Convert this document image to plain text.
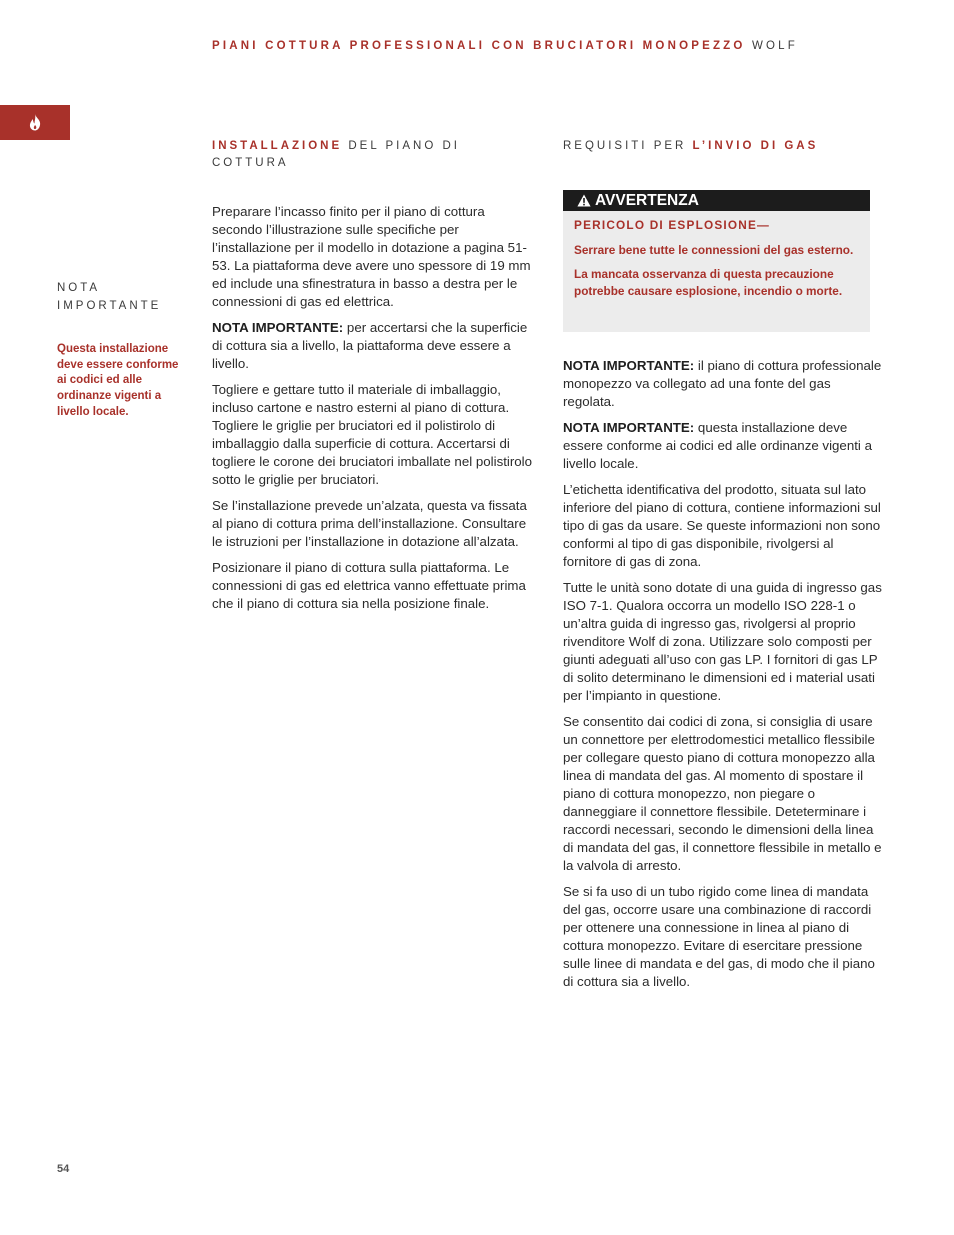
PIANI COTTURA PROFESSIONALI CON BRUCIATORI MONOPEZZO WOLF
INSTALLAZIONE DEL PIANO DI COTTURA
REQUISITI PER L’INVIO DI GAS
NOTA
IMPORTANTE
Questa installazione deve essere conforme ai codici ed alle ordinanze vigenti a livello locale.

Preparare l’incasso finito per il piano di cottura secondo l’illustrazione sulle specifiche per l’installazione per il modello in dotazione a pagina 51-53. La piattaforma deve avere uno spessore di 19 mm ed include una sfinestratura in basso a destra per le connessioni di gas ed elettrica.

NOTA IMPORTANTE: per accertarsi che la superficie di cottura sia a livello, la piattaforma deve essere a livello.

Togliere e gettare tutto il materiale di imballaggio, incluso cartone e nastro esterni al piano di cottura. Togliere le griglie per bruciatori ed il polistirolo di imballaggio dalla superficie di cottura. Accertarsi di togliere le corone dei bruciatori imballate nel polistirolo sotto le griglie per bruciatori.

Se l’installazione prevede un’alzata, questa va fissata al piano di cottura prima dell’installazione. Consultare le istruzioni per l’installazione in dotazione all’alzata.

Posizionare il piano di cottura sulla piattaforma. Le connessioni di gas ed elettrica vanno effettuate prima che il piano di cottura sia nella posizione finale.

AVVERTENZA

PERICOLO DI ESPLOSIONE—

Serrare bene tutte le connessioni del gas esterno.

La mancata osservanza di questa precauzione potrebbe causare esplosione, incendio o morte.

NOTA IMPORTANTE: il piano di cottura professionale monopezzo va collegato ad una fonte del gas regolata.

NOTA IMPORTANTE: questa installazione deve essere conforme ai codici ed alle ordinanze vigenti a livello locale.

L’etichetta identificativa del prodotto, situata sul lato inferiore del piano di cottura, contiene informazioni sul tipo di gas da usare. Se queste informazioni non sono conformi al tipo di gas disponibile, rivolgersi al fornitore di gas di zona.

Tutte le unità sono dotate di una guida di ingresso gas ISO 7-1. Qualora occorra un modello ISO 228-1 o un’altra guida di ingresso gas, rivolgersi al proprio rivenditore Wolf di zona. Utilizzare solo composti per giunti adeguati all’uso con gas LP. I fornitori di gas LP di solito determinano le dimensioni ed i material usati per l’impianto in questione.

Se consentito dai codici di zona, si consiglia di usare un connettore per elettrodomestici metallico flessibile per collegare questo piano di cottura monopezzo alla linea di mandata del gas. Al momento di spostare il piano di cottura monopezzo, non piegare o danneggiare il connettore flessibile. Deteterminare i raccordi necessari, secondo le dimensioni della linea di mandata del gas, il connettore flessibile in metallo e la valvola di arresto.

Se si fa uso di un tubo rigido come linea di mandata del gas, occorre usare una combinazione di raccordi per ottenere una connessione in linea al piano di cottura monopezzo. Evitare di esercitare pressione sulle linee di mandata e del gas, di modo che il piano di cottura sia a livello.

54
